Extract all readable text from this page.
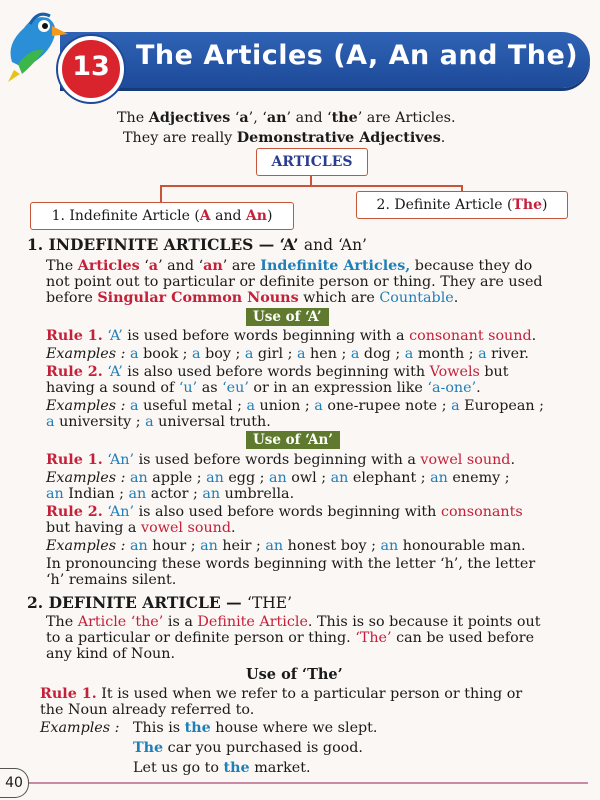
The Articles (A, An and The)
13
The Adjectives ‘a’, ‘an’ and ‘the’ are Articles.
They are really Demonstrative Adjectives.
ARTICLES
1. Indefinite Article (A and An)
2. Definite Article (The)
1. INDEFINITE ARTICLES — ‘A’ and ‘An’
The Articles ‘a’ and ‘an’ are Indefinite Articles, because they do
not point out to particular or definite person or thing. They are used
before Singular Common Nouns which are Countable.
Use of ‘A’
Rule 1. ‘A’ is used before words beginning with a consonant sound.
Examples : a book ; a boy ; a girl ; a hen ; a dog ; a month ; a river.
Rule 2. ‘A’ is also used before words beginning with Vowels but
having a sound of ‘u’ as ‘eu’ or in an expression like ‘a-one’.
Examples : a useful metal ; a union ; a one-rupee note ; a European ;
a university ; a universal truth.
Use of ‘An’
Rule 1. ‘An’ is used before words beginning with a vowel sound.
Examples : an apple ; an egg ; an owl ; an elephant ; an enemy ;
an Indian ; an actor ; an umbrella.
Rule 2. ‘An’ is also used before words beginning with consonants
but having a vowel sound.
Examples : an hour ; an heir ; an honest boy ; an honourable man.
In pronouncing these words beginning with the letter ‘h’, the letter
‘h’ remains silent.
2. DEFINITE ARTICLE — ‘THE’
The Article ‘the’ is a Definite Article. This is so because it points out
to a particular or definite person or thing. ‘The’ can be used before
any kind of Noun.
Use of ‘The’
Rule 1. It is used when we refer to a particular person or thing or
the Noun already referred to.
Examples : This is the house where we slept.
The car you purchased is good.
Let us go to the market.
40
